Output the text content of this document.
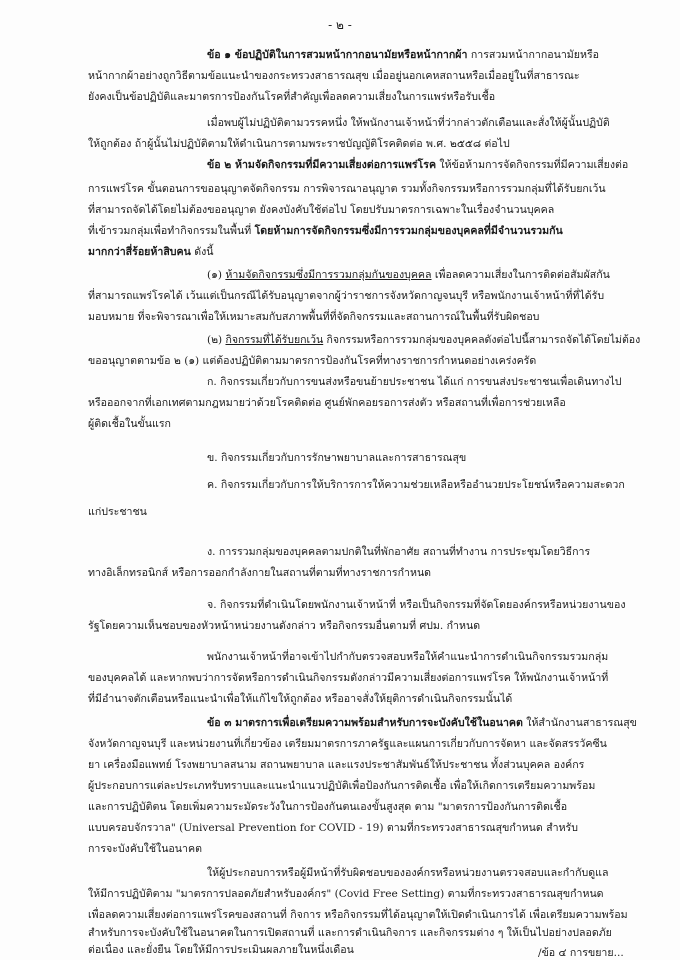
- ๒ -
ข้อ ๑ ข้อปฏิบัติในการสวมหน้ากากอนามัยหรือหน้ากากผ้า การสวมหน้ากากอนามัยหรือ
หน้ากากผ้าอย่างถูกวิธีตามข้อแนะนำของกระทรวงสาธารณสุข เมื่ออยู่นอกเคหสถานหรือเมื่ออยู่ในที่สาธารณะ
ยังคงเป็นข้อปฏิบัติและมาตรการป้องกันโรคที่สำคัญเพื่อลดความเสี่ยงในการแพร่หรือรับเชื้อ
เมื่อพบผู้ไม่ปฏิบัติตามวรรคหนึ่ง ให้พนักงานเจ้าหน้าที่ว่ากล่าวตักเตือนและสั่งให้ผู้นั้นปฏิบัติ
ให้ถูกต้อง ถ้าผู้นั้นไม่ปฏิบัติตามให้ดำเนินการตามพระราชบัญญัติโรคติดต่อ พ.ศ. ๒๕๕๘ ต่อไป
ข้อ ๒ ห้ามจัดกิจกรรมที่มีความเสี่ยงต่อการแพร่โรค ให้ข้อห้ามการจัดกิจกรรมที่มีความเสี่ยงต่อ
การแพร่โรค ขั้นตอนการขออนุญาตจัดกิจกรรม การพิจารณาอนุญาต รวมทั้งกิจกรรมหรือการรวมกลุ่มที่ได้รับยกเว้น
ที่สามารถจัดได้โดยไม่ต้องขออนุญาต ยังคงบังคับใช้ต่อไป โดยปรับมาตรการเฉพาะในเรื่องจำนวนบุคคล
ที่เข้ารวมกลุ่มเพื่อทำกิจกรรมในพื้นที่ โดยห้ามการจัดกิจกรรมซึ่งมีการรวมกลุ่มของบุคคลที่มีจำนวนรวมกัน
มากกว่าสี่ร้อยห้าสิบคน ดังนี้
(๑) ห้ามจัดกิจกรรมซึ่งมีการรวมกลุ่มกันของบุคคล เพื่อลดความเสี่ยงในการติดต่อสัมผัสกัน
ที่สามารถแพร่โรคได้ เว้นแต่เป็นกรณีได้รับอนุญาตจากผู้ว่าราชการจังหวัดกาญจนบุรี หรือพนักงานเจ้าหน้าที่ที่ได้รับ
มอบหมาย ที่จะพิจารณาเพื่อให้เหมาะสมกับสภาพพื้นที่ที่จัดกิจกรรมและสถานการณ์ในพื้นที่รับผิดชอบ
(๒) กิจกรรมที่ได้รับยกเว้น กิจกรรมหรือการรวมกลุ่มของบุคคลดังต่อไปนี้สามารถจัดได้โดยไม่ต้อง
ขออนุญาตตามข้อ ๒ (๑) แต่ต้องปฏิบัติตามมาตรการป้องกันโรคที่ทางราชการกำหนดอย่างเคร่งครัด
ก. กิจกรรมเกี่ยวกับการขนส่งหรือขนย้ายประชาชน ได้แก่ การขนส่งประชาชนเพื่อเดินทางไป
หรือออกจากที่เอกเทศตามกฎหมายว่าด้วยโรคติดต่อ ศูนย์พักคอยรอการส่งตัว หรือสถานที่เพื่อการช่วยเหลือ
ผู้ติดเชื้อในขั้นแรก
ข. กิจกรรมเกี่ยวกับการรักษาพยาบาลและการสาธารณสุข
ค. กิจกรรมเกี่ยวกับการให้บริการการให้ความช่วยเหลือหรืออำนวยประโยชน์หรือความสะดวก
แก่ประชาชน
ง. การรวมกลุ่มของบุคคลตามปกติในที่พักอาศัย สถานที่ทำงาน การประชุมโดยวิธีการ
ทางอิเล็กทรอนิกส์ หรือการออกกำลังกายในสถานที่ตามที่ทางราชการกำหนด
จ. กิจกรรมที่ดำเนินโดยพนักงานเจ้าหน้าที่ หรือเป็นกิจกรรมที่จัดโดยองค์กรหรือหน่วยงานของ
รัฐโดยความเห็นชอบของหัวหน้าหน่วยงานดังกล่าว หรือกิจกรรมอื่นตามที่ ศปม. กำหนด
พนักงานเจ้าหน้าที่อาจเข้าไปกำกับตรวจสอบหรือให้คำแนะนำการดำเนินกิจกรรมรวมกลุ่ม
ของบุคคลได้ และหากพบว่าการจัดหรือการดำเนินกิจกรรมดังกล่าวมีความเสี่ยงต่อการแพร่โรค ให้พนักงานเจ้าหน้าที่
ที่มีอำนาจตักเตือนหรือแนะนำเพื่อให้แก้ไขให้ถูกต้อง หรืออาจสั่งให้ยุติการดำเนินกิจกรรมนั้นได้
ข้อ ๓ มาตรการเพื่อเตรียมความพร้อมสำหรับการจะบังคับใช้ในอนาคต ให้สำนักงานสาธารณสุข
จังหวัดกาญจนบุรี และหน่วยงานที่เกี่ยวข้อง เตรียมมาตรการภาครัฐและแผนการเกี่ยวกับการจัดหา และจัดสรรวัคซีน
ยา เครื่องมือแพทย์ โรงพยาบาลสนาม สถานพยาบาล และแรงประชาสัมพันธ์ให้ประชาชน ทั้งส่วนบุคคล องค์กร
ผู้ประกอบการแต่ละประเภทรับทราบและแนะนำแนวปฏิบัติเพื่อป้องกันการติดเชื้อ เพื่อให้เกิดการเตรียมความพร้อม
และการปฏิบัติตน โดยเพิ่มความระมัดระวังในการป้องกันตนเองขั้นสูงสุด ตาม "มาตรการป้องกันการติดเชื้อ
แบบครอบจักรวาล" (Universal Prevention for COVID - 19) ตามที่กระทรวงสาธารณสุขกำหนด สำหรับ
การจะบังคับใช้ในอนาคต
ให้ผู้ประกอบการหรือผู้มีหน้าที่รับผิดชอบขององค์กรหรือหน่วยงานตรวจสอบและกำกับดูแล
ให้มีการปฏิบัติตาม "มาตรการปลอดภัยสำหรับองค์กร" (Covid Free Setting) ตามที่กระทรวงสาธารณสุขกำหนด
เพื่อลดความเสี่ยงต่อการแพร่โรคของสถานที่ กิจการ หรือกิจกรรมที่ได้อนุญาตให้เปิดดำเนินการได้ เพื่อเตรียมความพร้อม
สำหรับการจะบังคับใช้ในอนาคตในการเปิดสถานที่ และการดำเนินกิจการ และกิจกรรมต่าง ๆ ให้เป็นไปอย่างปลอดภัย
ต่อเนื่อง และยั่งยืน โดยให้มีการประเมินผลภายในหนึ่งเดือน	/ข้อ ๔ การขยาย...
